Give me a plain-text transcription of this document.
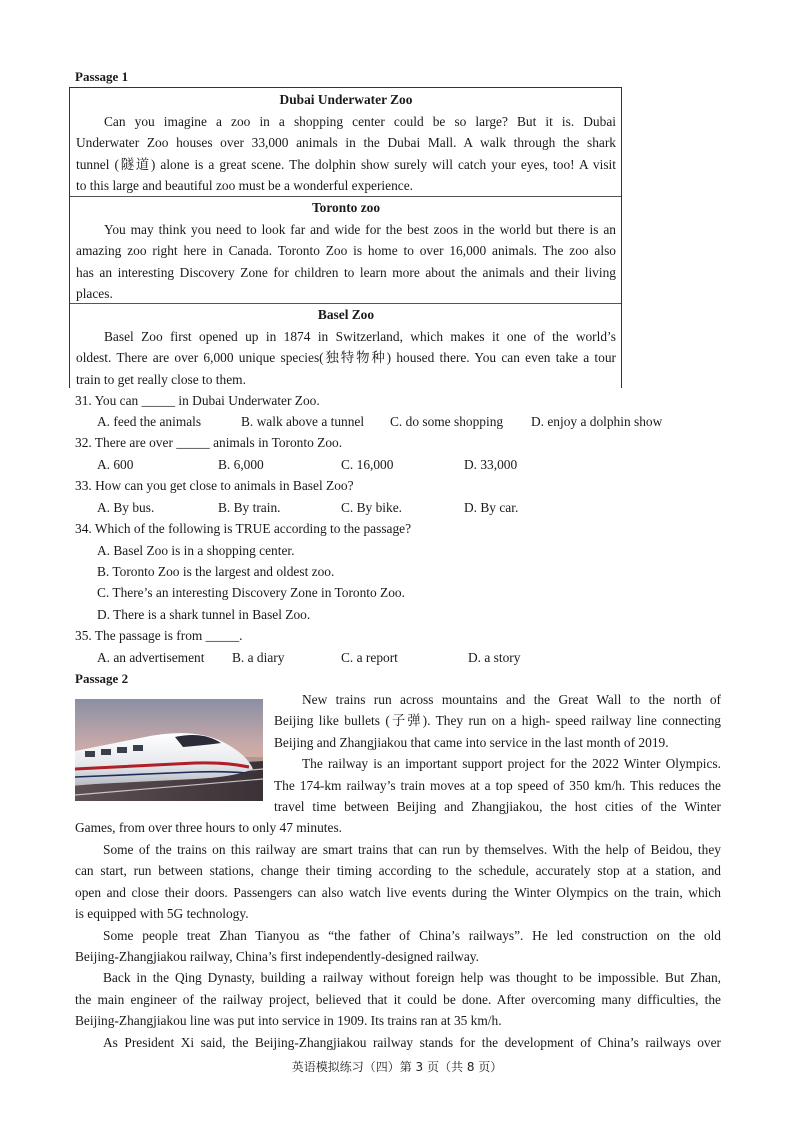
Passage 1
Dubai Underwater Zoo
Can you imagine a zoo in a shopping center could be so large? But it is. Dubai
Underwater Zoo houses over 33,000 animals in the Dubai Mall. A walk through the shark
tunnel (隧道) alone is a great scene. The dolphin show surely will catch your eyes, too! A visit
to this large and beautiful zoo must be a wonderful experience.
Toronto zoo
You may think you need to look far and wide for the best zoos in the world but there is an
amazing zoo right here in Canada. Toronto Zoo is home to over 16,000 animals. The zoo also
has an interesting Discovery Zone for children to learn more about the animals and their living
places.
Basel Zoo
Basel Zoo first opened up in 1874 in Switzerland, which makes it one of the world’s
oldest. There are over 6,000 unique species(独特物种) housed there. You can even take a tour
train to get really close to them.
31. You can _____ in Dubai Underwater Zoo.
A. feed the animals	B. walk above a tunnel C. do some shopping D. enjoy a dolphin show
32. There are over _____ animals in Toronto Zoo.
A. 600	B. 6,000	C. 16,000	D. 33,000
33. How can you get close to animals in Basel Zoo?
A. By bus.	B. By train.	C. By bike.	D. By car.
34. Which of the following is TRUE according to the passage?
A. Basel Zoo is in a shopping center.
B. Toronto Zoo is the largest and oldest zoo.
C. There’s an interesting Discovery Zone in Toronto Zoo.
D. There is a shark tunnel in Basel Zoo.
35. The passage is from _____.
A. an advertisement B. a diary	C. a report	D. a story
Passage 2
New trains run across mountains and the Great Wall to the north of
Beijing like bullets (子弹). They run on a high- speed railway line connecting
Beijing and Zhangjiakou that came into service in the last month of 2019.
The railway is an important support project for the 2022 Winter Olympics.
The 174-km railway’s train moves at a top speed of 350 km/h. This reduces the
travel time between Beijing and Zhangjiakou, the host cities of the Winter
Games, from over three hours to only 47 minutes.
Some of the trains on this railway are smart trains that can run by themselves. With the help of Beidou, they
can start, run between stations, change their timing according to the schedule, accurately stop at a station, and
open and close their doors. Passengers can also watch live events during the Winter Olympics on the train, which
is equipped with 5G technology.
Some people treat Zhan Tianyou as “the father of China’s railways”. He led construction on the old
Beijing-Zhangjiakou railway, China’s first independently-designed railway.
Back in the Qing Dynasty, building a railway without foreign help was thought to be impossible. But Zhan,
the main engineer of the railway project, believed that it could be done. After overcoming many difficulties, the
Beijing-Zhangjiakou line was put into service in 1909. Its trains ran at 35 km/h.
As President Xi said, the Beijing-Zhangjiakou railway stands for the development of China’s railways over
英语模拟练习（四）第 3 页（共 8 页）
